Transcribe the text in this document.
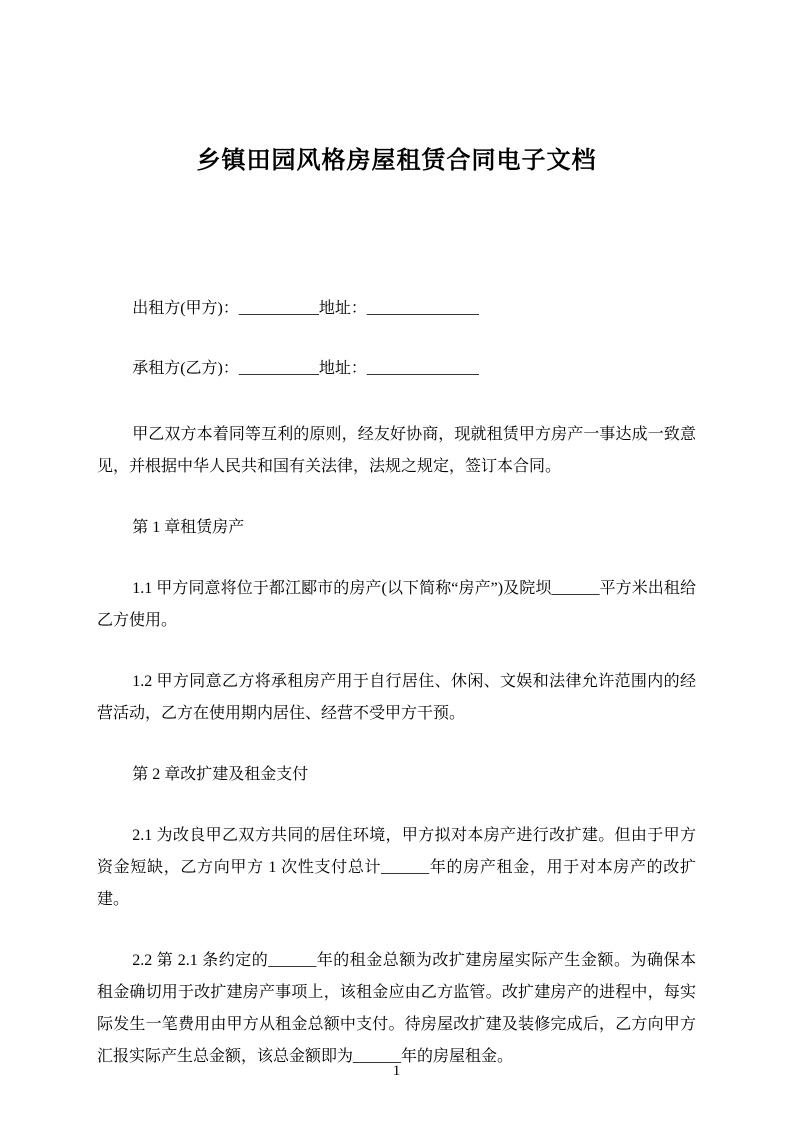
乡镇田园风格房屋租赁合同电子文档

出租方(甲方)：__________地址：______________

承租方(乙方)：__________地址：______________

甲乙双方本着同等互利的原则，经友好协商，现就租赁甲方房产一事达成一致意见，并根据中华人民共和国有关法律，法规之规定，签订本合同。

第 1 章租赁房产

1.1 甲方同意将位于都江郾市的房产(以下简称“房产”)及院坝______平方米出租给乙方使用。

1.2 甲方同意乙方将承租房产用于自行居住、休闲、文娱和法律允许范围内的经营活动，乙方在使用期内居住、经营不受甲方干预。

第 2 章改扩建及租金支付

2.1 为改良甲乙双方共同的居住环境，甲方拟对本房产进行改扩建。但由于甲方资金短缺，乙方向甲方 1 次性支付总计______年的房产租金，用于对本房产的改扩建。

2.2 第 2.1 条约定的______年的租金总额为改扩建房屋实际产生金额。为确保本租金确切用于改扩建房产事项上，该租金应由乙方监管。改扩建房产的进程中，每实际发生一笔费用由甲方从租金总额中支付。待房屋改扩建及装修完成后，乙方向甲方汇报实际产生总金额，该总金额即为______年的房屋租金。

1
